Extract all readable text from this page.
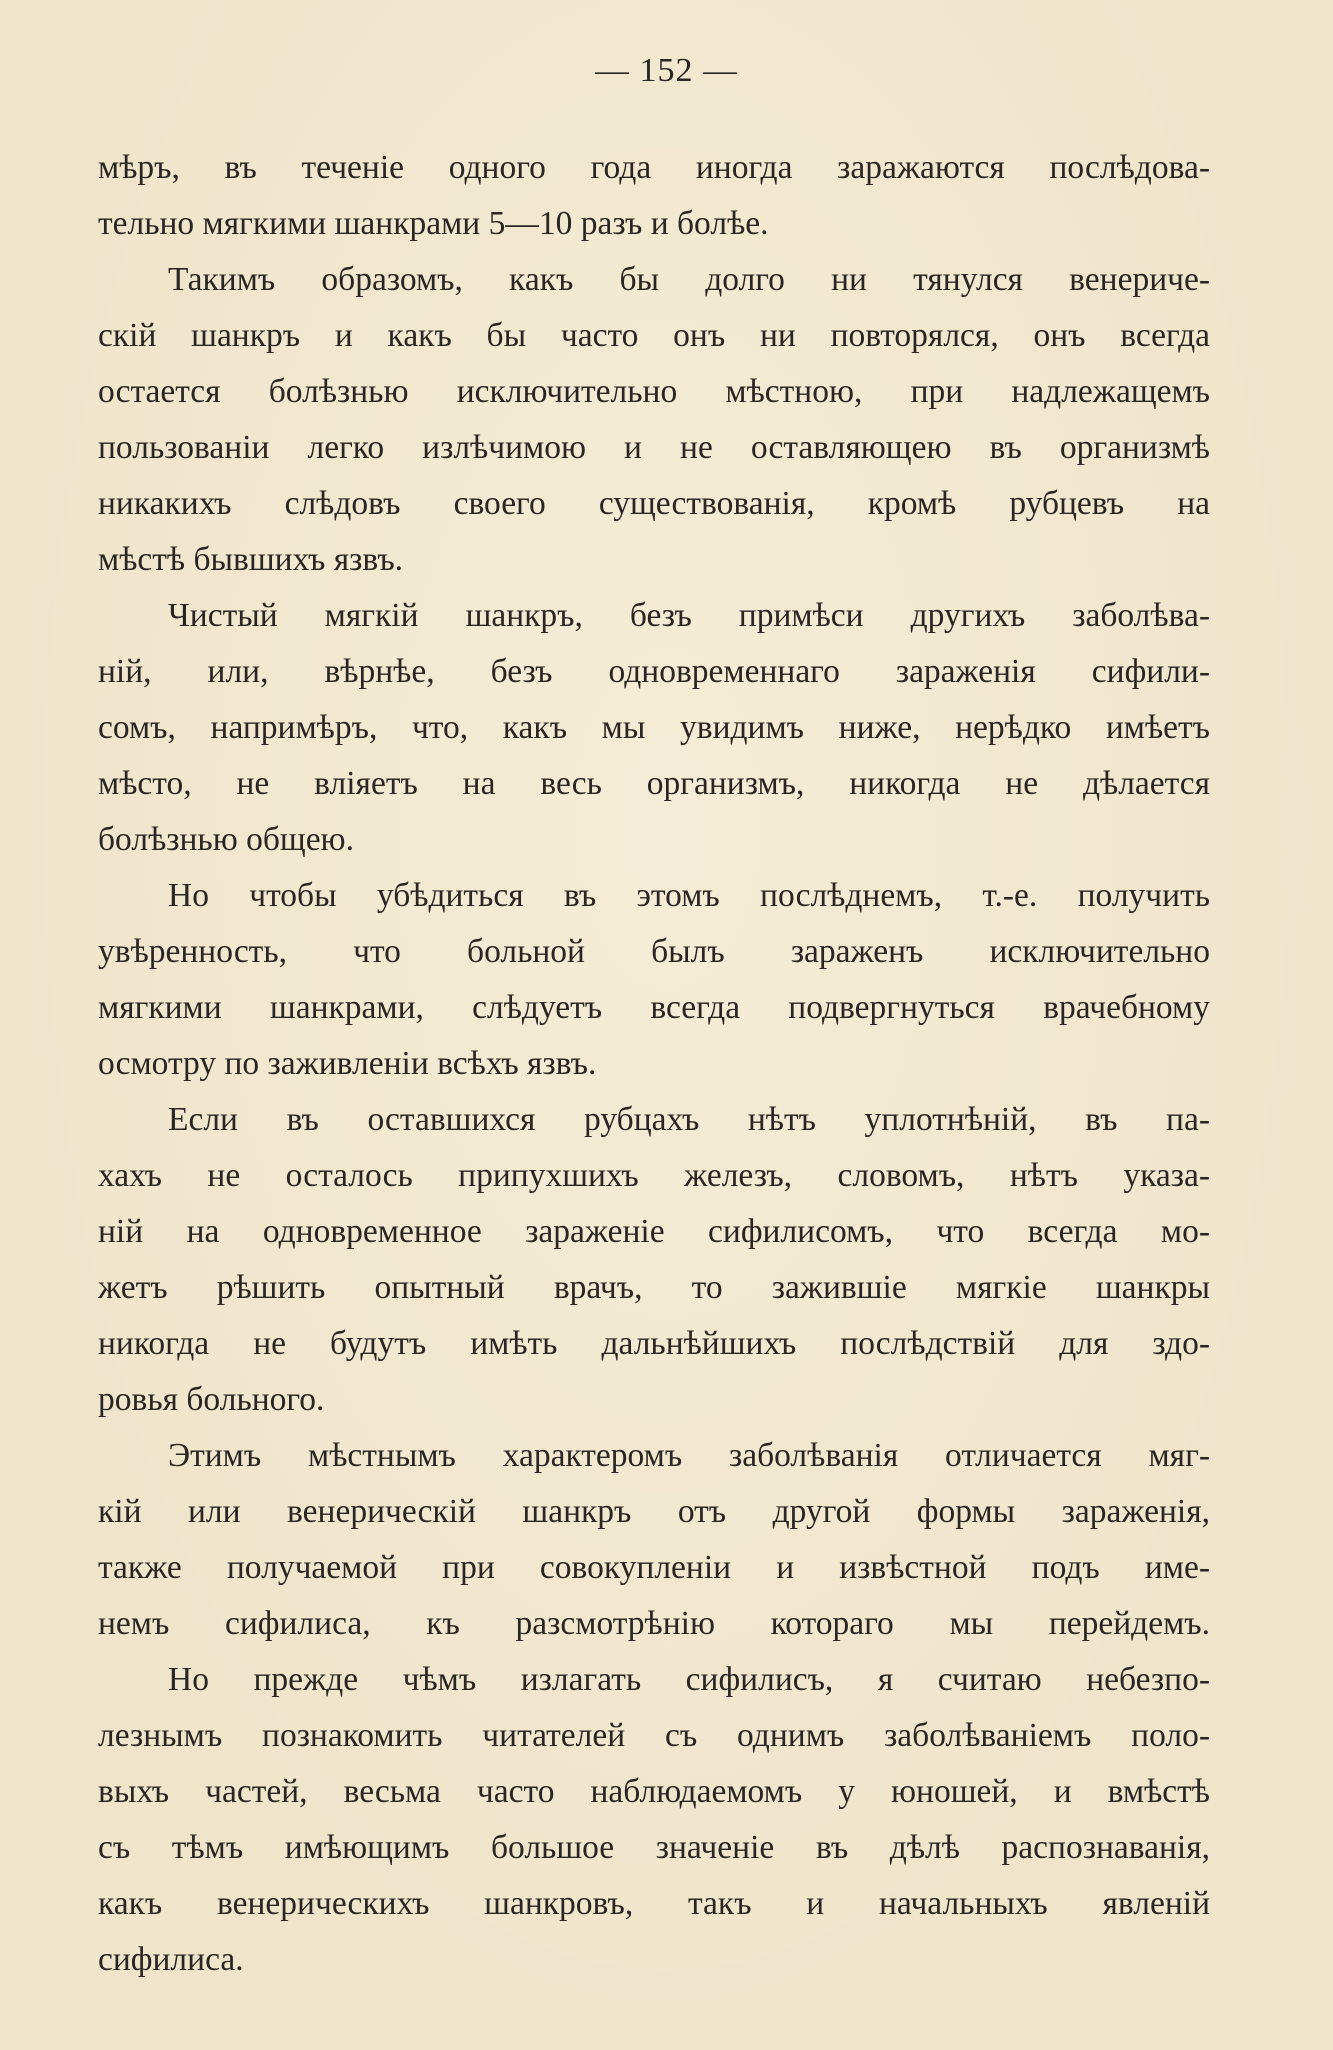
— 152 —
мѣръ, въ теченіе одного года иногда заражаются послѣдова-
тельно мягкими шанкрами 5—10 разъ и болѣе.
Такимъ образомъ, какъ бы долго ни тянулся венериче-
скій шанкръ и какъ бы часто онъ ни повторялся, онъ всегда
остается болѣзнью исключительно мѣстною, при надлежащемъ
пользованіи легко излѣчимою и не оставляющею въ организмѣ
никакихъ слѣдовъ своего существованія, кромѣ рубцевъ на
мѣстѣ бывшихъ язвъ.
Чистый мягкій шанкръ, безъ примѣси другихъ заболѣва-
ній, или, вѣрнѣе, безъ одновременнаго зараженія сифили-
сомъ, напримѣръ, что, какъ мы увидимъ ниже, нерѣдко имѣетъ
мѣсто, не вліяетъ на весь организмъ, никогда не дѣлается
болѣзнью общею.
Но чтобы убѣдиться въ этомъ послѣднемъ, т.-е. получить
увѣренность, что больной былъ зараженъ исключительно
мягкими шанкрами, слѣдуетъ всегда подвергнуться врачебному
осмотру по заживленіи всѣхъ язвъ.
Если въ оставшихся рубцахъ нѣтъ уплотнѣній, въ па-
хахъ не осталось припухшихъ железъ, словомъ, нѣтъ указа-
ній на одновременное зараженіе сифилисомъ, что всегда мо-
жетъ рѣшить опытный врачъ, то зажившіе мягкіе шанкры
никогда не будутъ имѣть дальнѣйшихъ послѣдствій для здо-
ровья больного.
Этимъ мѣстнымъ характеромъ заболѣванія отличается мяг-
кій или венерическій шанкръ отъ другой формы зараженія,
также получаемой при совокупленіи и извѣстной подъ име-
немъ сифилиса, къ разсмотрѣнію котораго мы перейдемъ.
Но прежде чѣмъ излагать сифилисъ, я считаю небезпо-
лезнымъ познакомить читателей съ однимъ заболѣваніемъ поло-
выхъ частей, весьма часто наблюдаемомъ у юношей, и вмѣстѣ
съ тѣмъ имѣющимъ большое значеніе въ дѣлѣ распознаванія,
какъ венерическихъ шанкровъ, такъ и начальныхъ явленій
сифилиса.
